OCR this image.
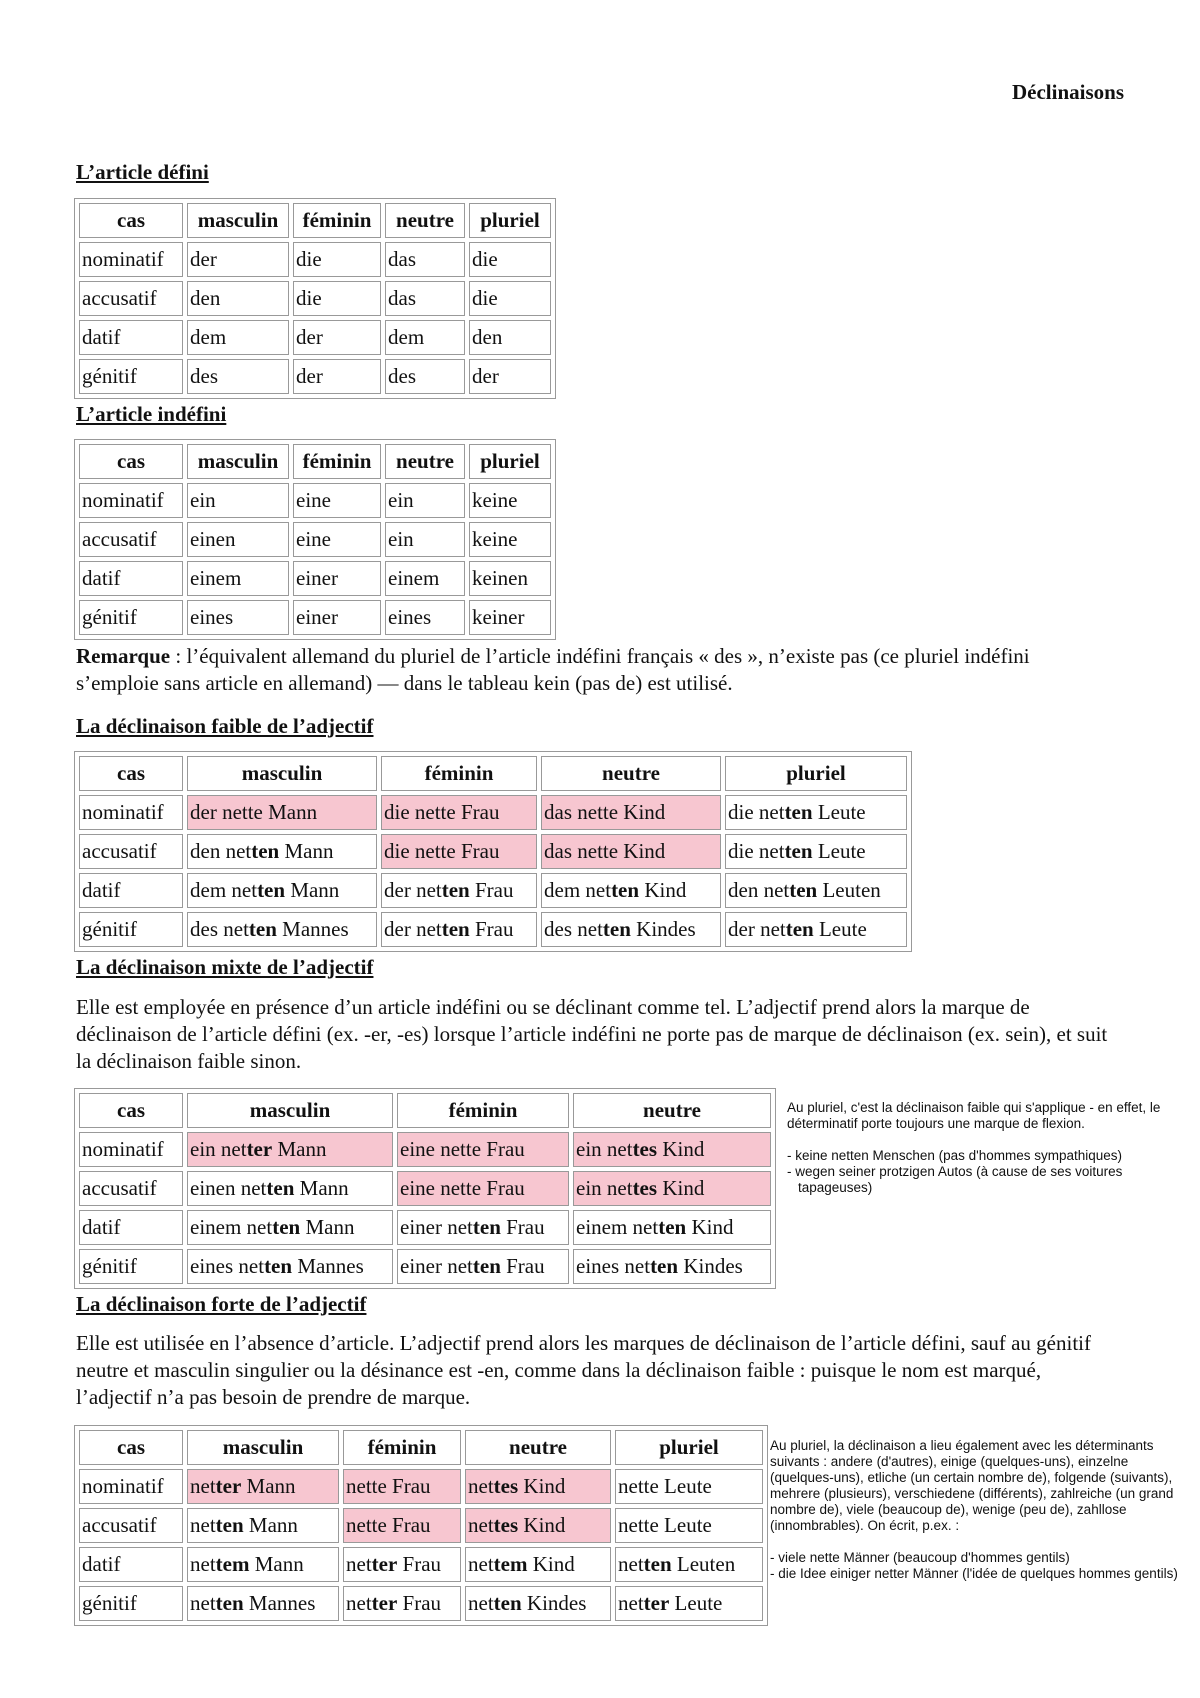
Déclinaisons
L’article défini
cas	masculin	féminin	neutre	pluriel
nominatif	der	die	das	die
accusatif	den	die	das	die
datif	dem	der	dem	den
génitif	des	der	des	der
L’article indéfini
cas	masculin	féminin	neutre	pluriel
nominatif	ein	eine	ein	keine
accusatif	einen	eine	ein	keine
datif	einem	einer	einem	keinen
génitif	eines	einer	eines	keiner

Remarque : l’équivalent allemand du pluriel de l’article indéfini français « des », n’existe pas (ce pluriel indéfini s’emploie sans article en allemand) — dans le tableau kein (pas de) est utilisé.

La déclinaison faible de l’adjectif
cas	masculin	féminin	neutre	pluriel
nominatif	der nette Mann	die nette Frau	das nette Kind	die netten Leute
accusatif	den netten Mann	die nette Frau	das nette Kind	die netten Leute
datif	dem netten Mann	der netten Frau	dem netten Kind	den netten Leuten
génitif	des netten Mannes	der netten Frau	des netten Kindes	der netten Leute
La déclinaison mixte de l’adjectif

Elle est employée en présence d’un article indéfini ou se déclinant comme tel. L’adjectif prend alors la marque de déclinaison de l’article défini (ex. -er, -es) lorsque l’article indéfini ne porte pas de marque de déclinaison (ex. sein), et suit la déclinaison faible sinon.

cas	masculin	féminin	neutre
nominatif	ein netter Mann	eine nette Frau	ein nettes Kind
accusatif	einen netten Mann	eine nette Frau	ein nettes Kind
datif	einem netten Mann	einer netten Frau	einem netten Kind
génitif	eines netten Mannes	einer netten Frau	eines netten Kindes

Au pluriel, c'est la déclinaison faible qui s'applique - en effet, le déterminatif porte toujours une marque de flexion.

- keine netten Menschen (pas d'hommes sympathiques)
- wegen seiner protzigen Autos (à cause de ses voitures tapageuses)
La déclinaison forte de l’adjectif

Elle est utilisée en l’absence d’article. L’adjectif prend alors les marques de déclinaison de l’article défini, sauf au génitif neutre et masculin singulier ou la désinance est -en, comme dans la déclinaison faible : puisque le nom est marqué, l’adjectif n’a pas besoin de prendre de marque.

cas	masculin	féminin	neutre	pluriel
nominatif	netter Mann	nette Frau	nettes Kind	nette Leute
accusatif	netten Mann	nette Frau	nettes Kind	nette Leute
datif	nettem Mann	netter Frau	nettem Kind	netten Leuten
génitif	netten Mannes	netter Frau	netten Kindes	netter Leute

Au pluriel, la déclinaison a lieu également avec les déterminants suivants : andere (d'autres), einige (quelques-uns), einzelne (quelques-uns), etliche (un certain nombre de), folgende (suivants), mehrere (plusieurs), verschiedene (différents), zahlreiche (un grand nombre de), viele (beaucoup de), wenige (peu de), zahllose (innombrables). On écrit, p.ex. :

- viele nette Männer (beaucoup d'hommes gentils)
- die Idee einiger netter Männer (l'idée de quelques hommes gentils)
